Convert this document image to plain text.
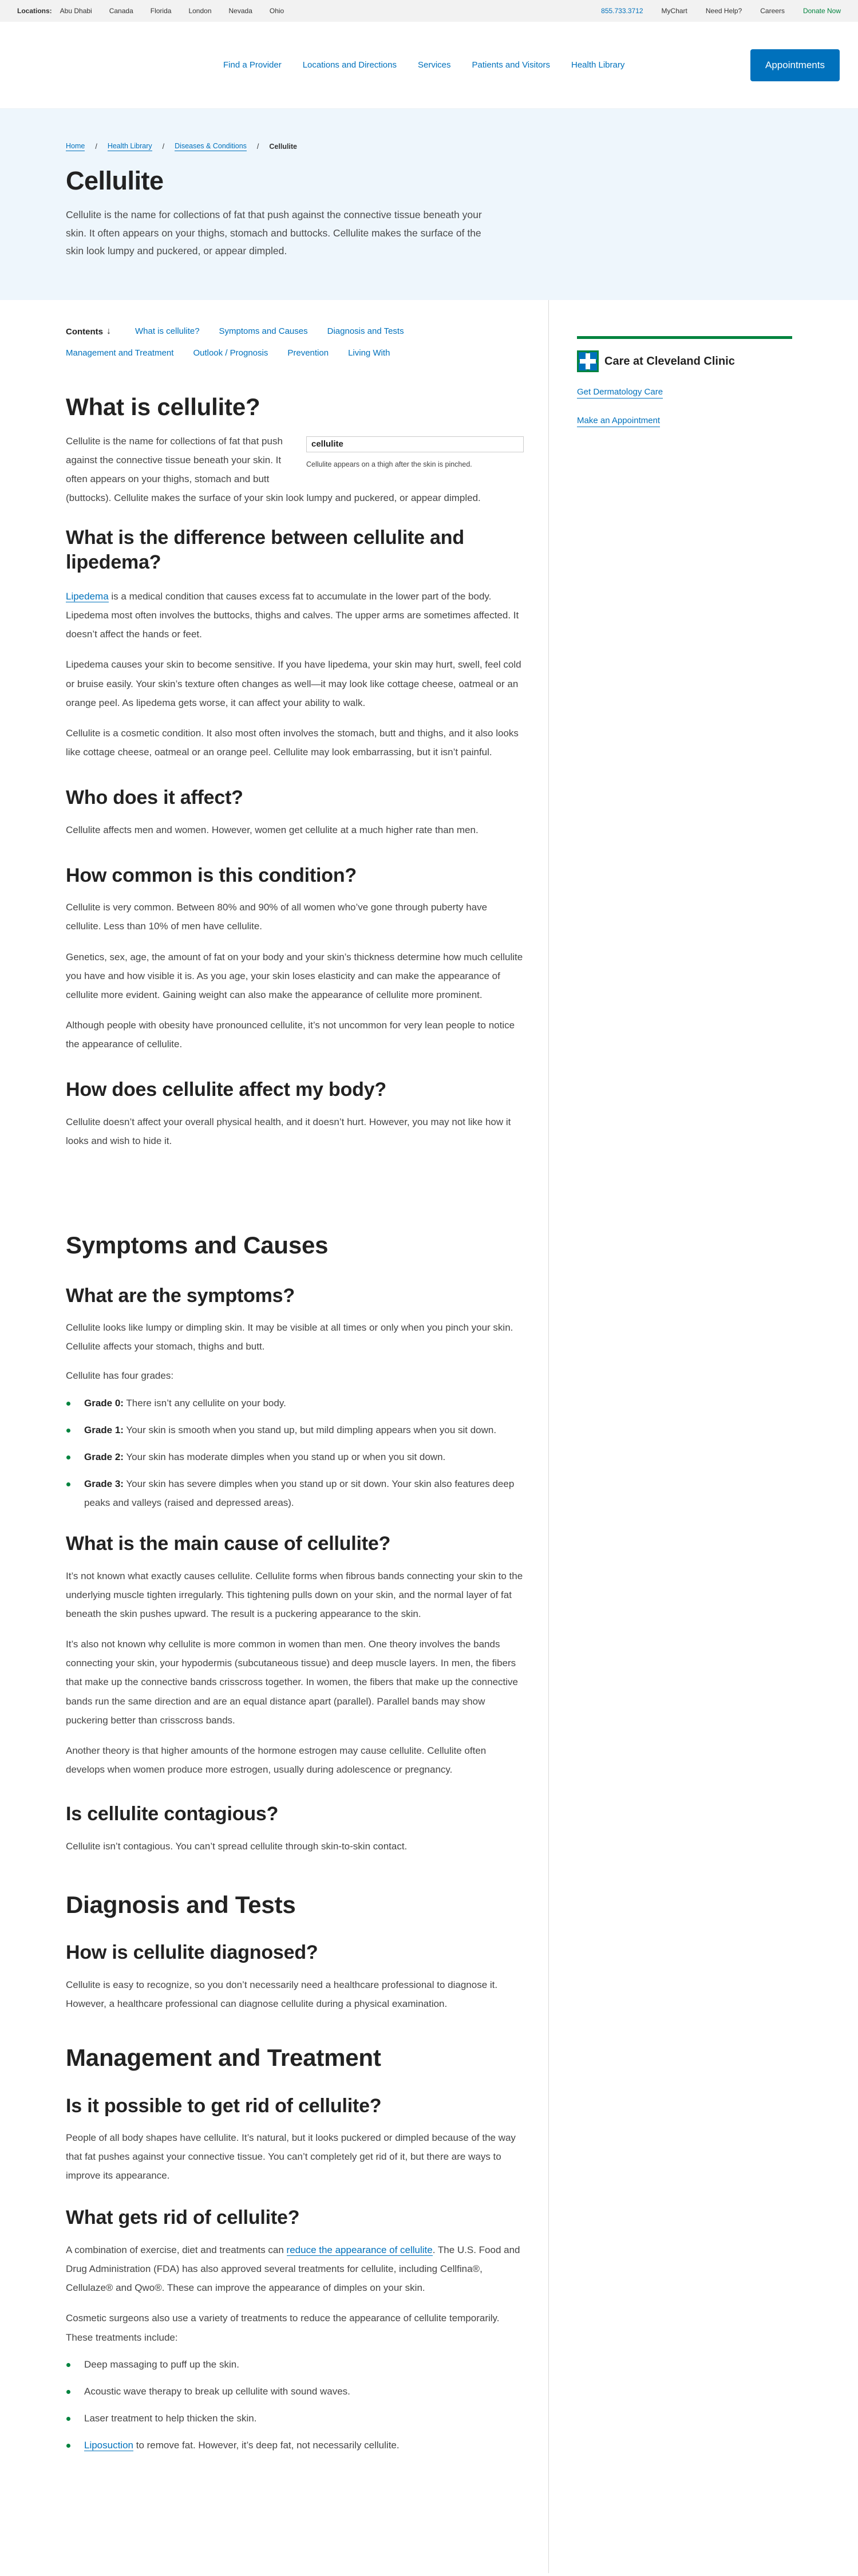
Locations: Abu Dhabi	Canada	Florida	London	Nevada	Ohio	855.733.3712	MyChart	Need Help?	Careers	Donate Now
Find a Provider Locations and Directions Services Patients and Visitors Health Library	Appointments
Home / Health Library / Diseases & Conditions / Cellulite
Cellulite

Cellulite is the name for collections of fat that push against the connective tissue beneath your skin. It often appears on your thighs, stomach and buttocks. Cellulite makes the surface of the skin look lumpy and puckered, or appear dimpled.

Contents ↓	What is cellulite? Symptoms and Causes Diagnosis and Tests
Management and Treatment Outlook / Prognosis Prevention Living With
What is cellulite?
cellulite
Cellulite appears on a thigh after the skin is pinched.

Cellulite is the name for collections of fat that push against the connective tissue beneath your skin. It often appears on your thighs, stomach and butt (buttocks). Cellulite makes the surface of your skin look lumpy and puckered, or appear dimpled.

What is the difference between cellulite and lipedema?

Lipedema is a medical condition that causes excess fat to accumulate in the lower part of the body. Lipedema most often involves the buttocks, thighs and calves. The upper arms are sometimes affected. It doesn’t affect the hands or feet.

Lipedema causes your skin to become sensitive. If you have lipedema, your skin may hurt, swell, feel cold or bruise easily. Your skin’s texture often changes as well—it may look like cottage cheese, oatmeal or an orange peel. As lipedema gets worse, it can affect your ability to walk.

Cellulite is a cosmetic condition. It also most often involves the stomach, butt and thighs, and it also looks like cottage cheese, oatmeal or an orange peel. Cellulite may look embarrassing, but it isn’t painful.

Who does it affect?

Cellulite affects men and women. However, women get cellulite at a much higher rate than men.

How common is this condition?

Cellulite is very common. Between 80% and 90% of all women who’ve gone through puberty have cellulite. Less than 10% of men have cellulite.

Genetics, sex, age, the amount of fat on your body and your skin’s thickness determine how much cellulite you have and how visible it is. As you age, your skin loses elasticity and can make the appearance of cellulite more evident. Gaining weight can also make the appearance of cellulite more prominent.

Although people with obesity have pronounced cellulite, it’s not uncommon for very lean people to notice the appearance of cellulite.

How does cellulite affect my body?

Cellulite doesn’t affect your overall physical health, and it doesn’t hurt. However, you may not like how it looks and wish to hide it.

Symptoms and Causes
What are the symptoms?

Cellulite looks like lumpy or dimpling skin. It may be visible at all times or only when you pinch your skin. Cellulite affects your stomach, thighs and butt.

Cellulite has four grades:

Grade 0: There isn’t any cellulite on your body.
Grade 1: Your skin is smooth when you stand up, but mild dimpling appears when you sit down.
Grade 2: Your skin has moderate dimples when you stand up or when you sit down.
Grade 3: Your skin has severe dimples when you stand up or sit down. Your skin also features deep peaks and valleys (raised and depressed areas).
What is the main cause of cellulite?

It’s not known what exactly causes cellulite. Cellulite forms when fibrous bands connecting your skin to the underlying muscle tighten irregularly. This tightening pulls down on your skin, and the normal layer of fat beneath the skin pushes upward. The result is a puckering appearance to the skin.

It’s also not known why cellulite is more common in women than men. One theory involves the bands connecting your skin, your hypodermis (subcutaneous tissue) and deep muscle layers. In men, the fibers that make up the connective bands crisscross together. In women, the fibers that make up the connective bands run the same direction and are an equal distance apart (parallel). Parallel bands may show puckering better than crisscross bands.

Another theory is that higher amounts of the hormone estrogen may cause cellulite. Cellulite often develops when women produce more estrogen, usually during adolescence or pregnancy.

Is cellulite contagious?

Cellulite isn’t contagious. You can’t spread cellulite through skin-to-skin contact.

Diagnosis and Tests
How is cellulite diagnosed?

Cellulite is easy to recognize, so you don’t necessarily need a healthcare professional to diagnose it. However, a healthcare professional can diagnose cellulite during a physical examination.

Management and Treatment
Is it possible to get rid of cellulite?

People of all body shapes have cellulite. It’s natural, but it looks puckered or dimpled because of the way that fat pushes against your connective tissue. You can’t completely get rid of it, but there are ways to improve its appearance.

What gets rid of cellulite?

A combination of exercise, diet and treatments can reduce the appearance of cellulite. The U.S. Food and Drug Administration (FDA) has also approved several treatments for cellulite, including Cellfina®, Cellulaze® and Qwo®. These can improve the appearance of dimples on your skin.

Cosmetic surgeons also use a variety of treatments to reduce the appearance of cellulite temporarily. These treatments include:

Deep massaging to puff up the skin.
Acoustic wave therapy to break up cellulite with sound waves.
Laser treatment to help thicken the skin.
Liposuction to remove fat. However, it’s deep fat, not necessarily cellulite.
Care at Cleveland Clinic
Get Dermatology Care
Make an Appointment
